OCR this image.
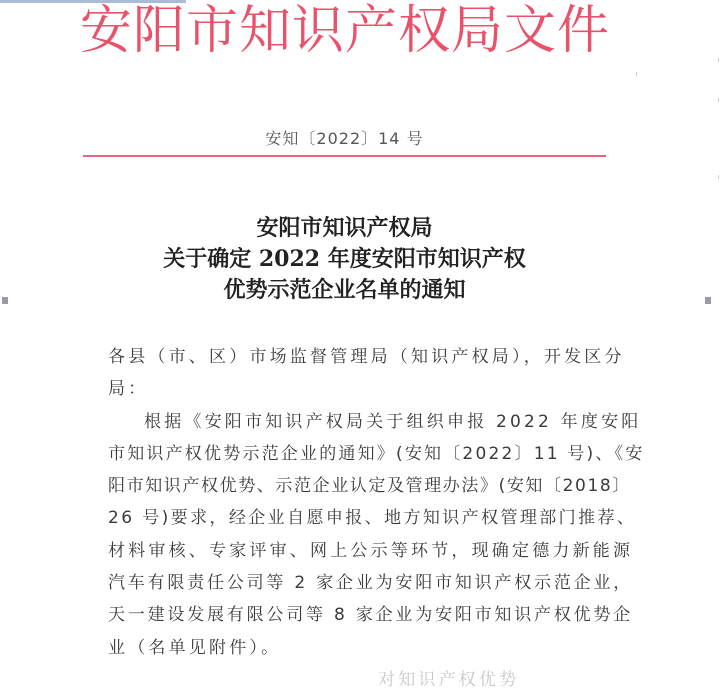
安阳市知识产权局文件
安知〔2022〕14 号
安阳市知识产权局
关于确定 2022 年度安阳市知识产权
优势示范企业名单的通知
各县（市、区）市场监督管理局（知识产权局），开发区分
局：
根据《安阳市知识产权局关于组织申报 2022 年度安阳
市知识产权优势示范企业的通知》(安知〔2022〕11 号)、《安
阳市知识产权优势、示范企业认定及管理办法》(安知〔2018〕
26 号)要求，经企业自愿申报、地方知识产权管理部门推荐、
材料审核、专家评审、网上公示等环节，现确定德力新能源
汽车有限责任公司等 2 家企业为安阳市知识产权示范企业，
天一建设发展有限公司等 8 家企业为安阳市知识产权优势企
业（名单见附件）。
对知识产权优势
